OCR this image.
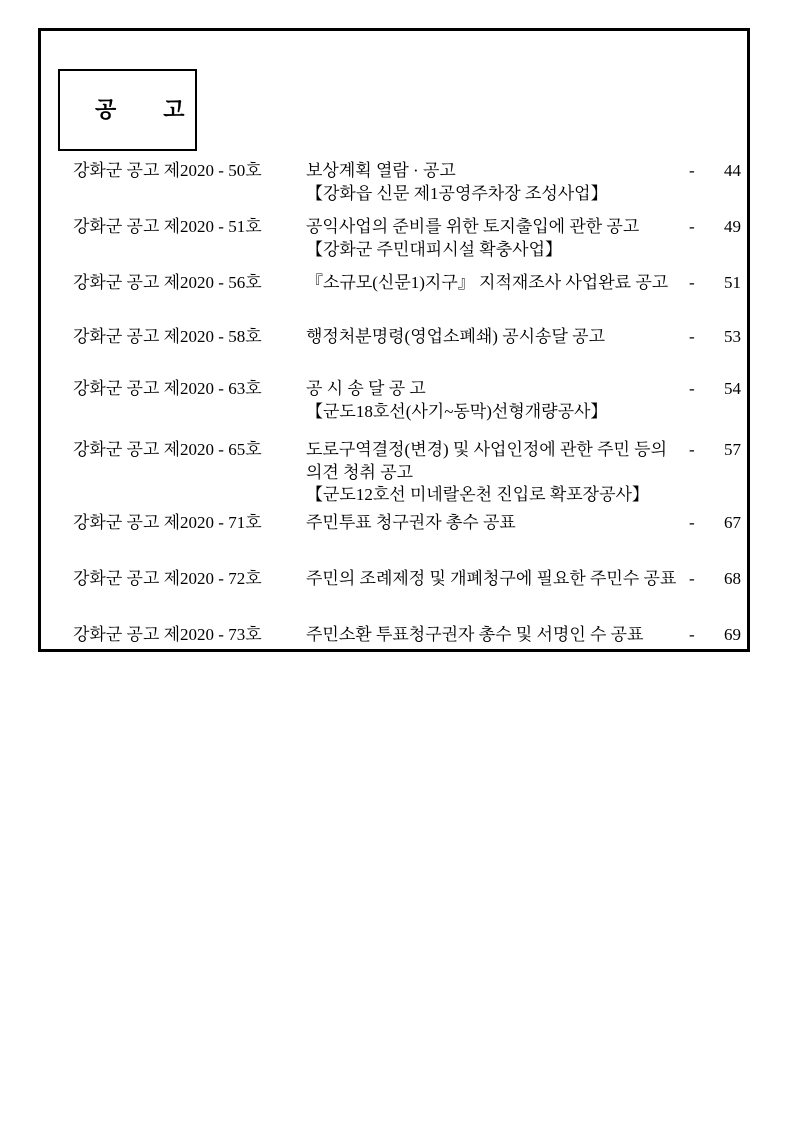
공　　고

강화군 공고 제2020 - 50호	보상계획 열람 · 공고
【강화읍 신문 제1공영주차장 조성사업】
- 44
강화군 공고 제2020 - 51호	공익사업의 준비를 위한 토지출입에 관한 공고
【강화군 주민대피시설 확충사업】
- 49
강화군 공고 제2020 - 56호	『소규모(신문1)지구』 지적재조사 사업완료 공고	- 51
강화군 공고 제2020 - 58호	행정처분명령(영업소폐쇄) 공시송달 공고	- 53
강화군 공고 제2020 - 63호	공 시 송 달 공 고
【군도18호선(사기~동막)선형개량공사】
- 54
강화군 공고 제2020 - 65호	도로구역결정(변경) 및 사업인정에 관한 주민 등의
의견 청취 공고
【군도12호선 미네랄온천 진입로 확포장공사】
- 57
강화군 공고 제2020 - 71호	주민투표 청구권자 총수 공표	- 67
강화군 공고 제2020 - 72호	주민의 조례제정 및 개폐청구에 필요한 주민수 공표 - 68
강화군 공고 제2020 - 73호	주민소환 투표청구권자 총수 및 서명인 수 공표	- 69
